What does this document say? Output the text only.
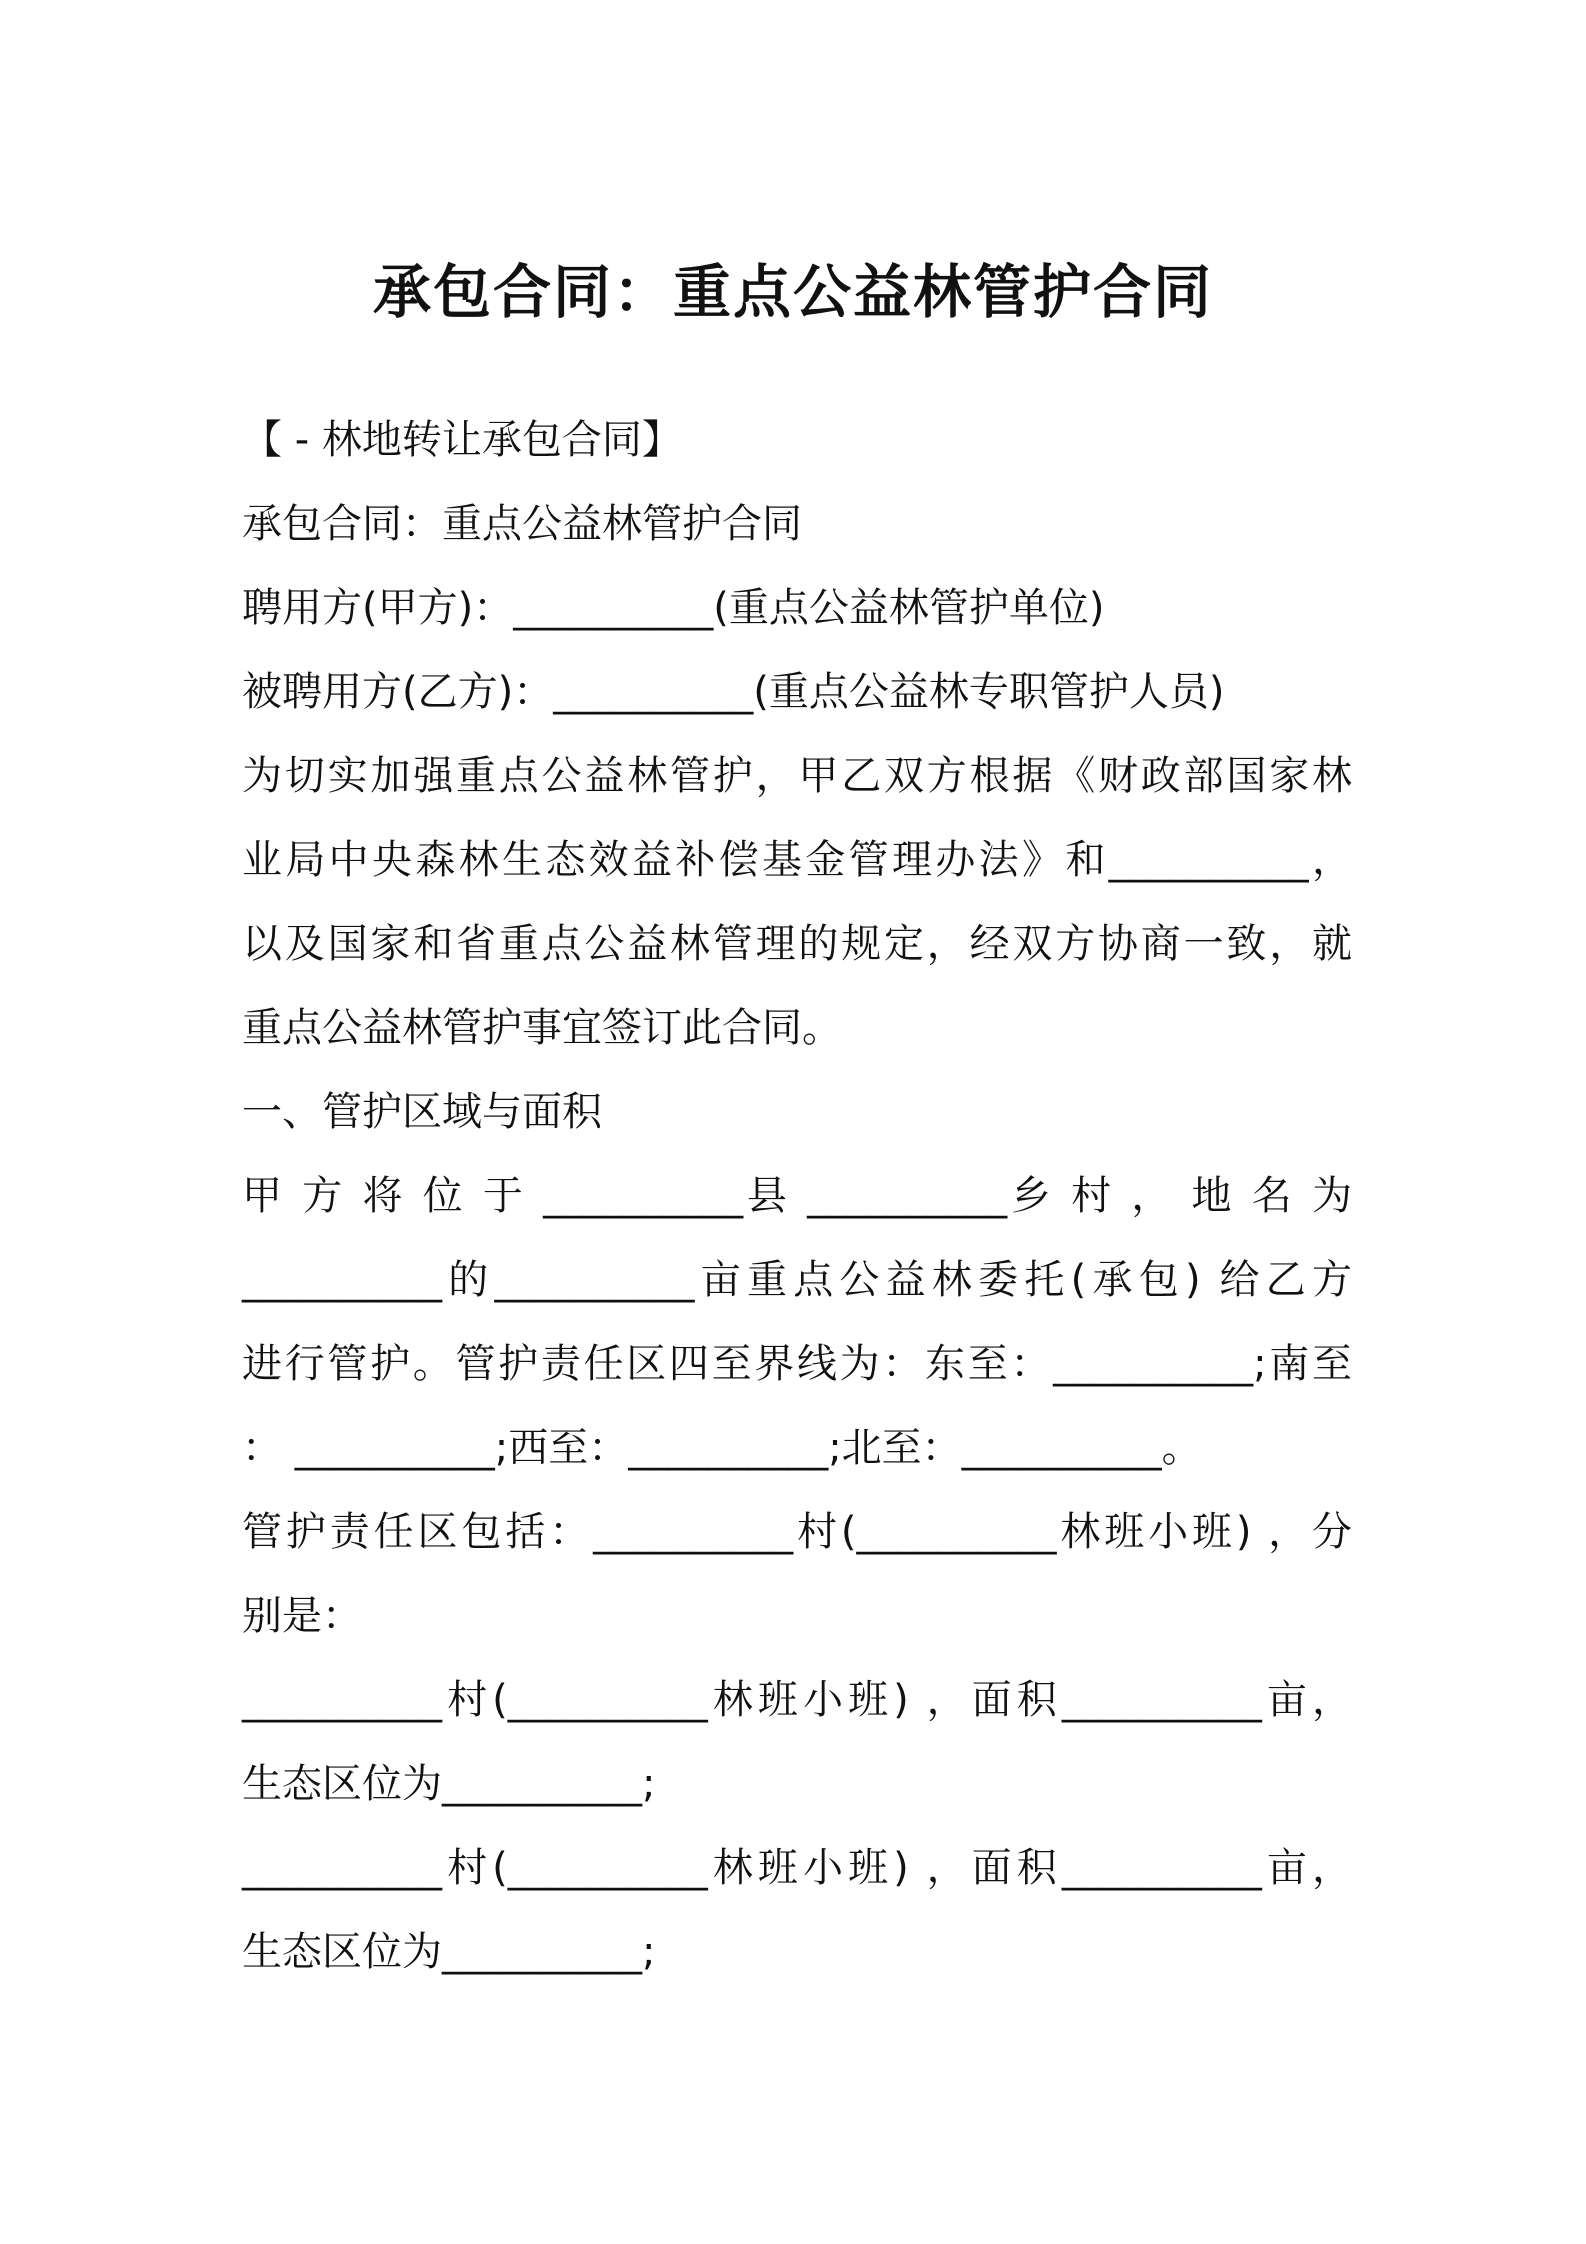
承包合同：重点公益林管护合同
【 - 林地转让承包合同】
承包合同：重点公益林管护合同
聘用方(甲方)：__________(重点公益林管护单位)
被聘用方(乙方)：__________(重点公益林专职管护人员)
为切实加强重点公益林管护，甲乙双方根据《财政部国家林
业局中央森林生态效益补偿基金管理办法》和__________，
以及国家和省重点公益林管理的规定，经双方协商一致，就
重点公益林管护事宜签订此合同。
一、管护区域与面积
甲 方 将 位 于 __________县 __________乡 村 ， 地 名 为
__________的__________亩重点公益林委托(承包) 给乙方
进行管护。管护责任区四至界线为：东至：__________;南至
： __________;西至：__________;北至：__________。
管护责任区包括：__________村(__________林班小班) ，分
别是：
__________村(__________林班小班) ，面积__________亩，
生态区位为__________;
__________村(__________林班小班) ，面积__________亩，
生态区位为__________;
